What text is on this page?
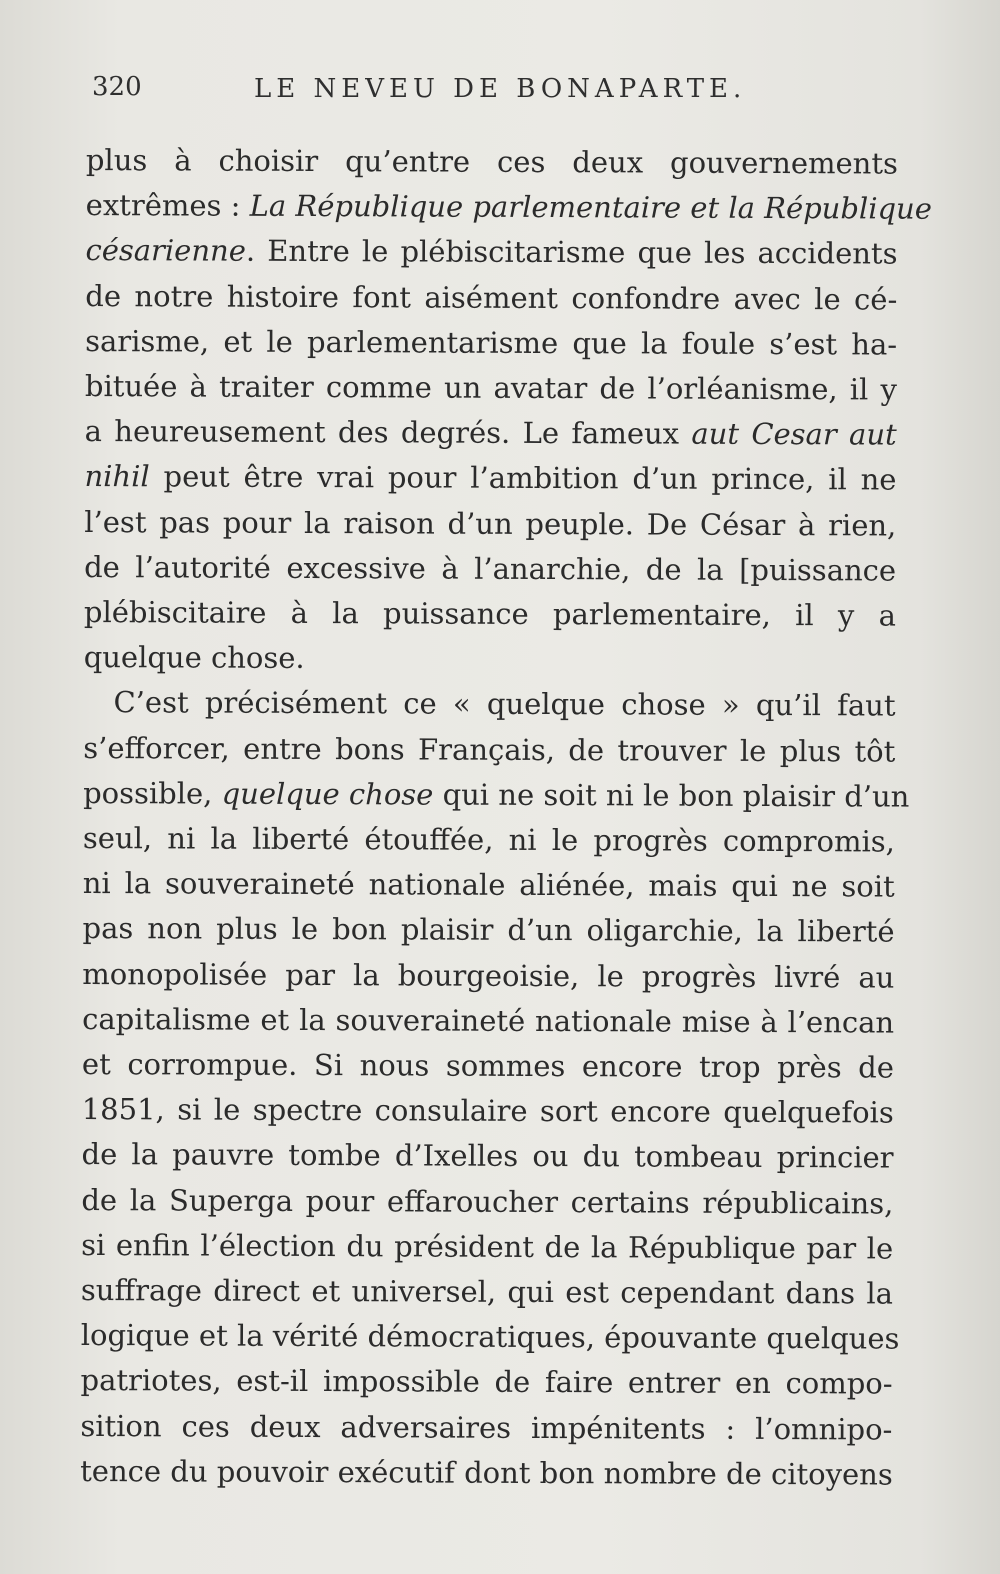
320	LE NEVEU DE BONAPARTE.

plus à choisir qu’entre ces deux gouvernements
extrêmes : La République parlementaire et la République
césarienne. Entre le plébiscitarisme que les accidents
de notre histoire font aisément confondre avec le cé-
sarisme, et le parlementarisme que la foule s’est ha-
bituée à traiter comme un avatar de l’orléanisme, il y
a heureusement des degrés. Le fameux aut Cesar aut
nihil peut être vrai pour l’ambition d’un prince, il ne
l’est pas pour la raison d’un peuple. De César à rien,
de l’autorité excessive à l’anarchie, de la [puissance
plébiscitaire à la puissance parlementaire, il y a
quelque chose.

C’est précisément ce « quelque chose » qu’il faut
s’efforcer, entre bons Français, de trouver le plus tôt
possible, quelque chose qui ne soit ni le bon plaisir d’un
seul, ni la liberté étouffée, ni le progrès compromis,
ni la souveraineté nationale aliénée, mais qui ne soit
pas non plus le bon plaisir d’un oligarchie, la liberté
monopolisée par la bourgeoisie, le progrès livré au
capitalisme et la souveraineté nationale mise à l’encan
et corrompue. Si nous sommes encore trop près de
1851, si le spectre consulaire sort encore quelquefois
de la pauvre tombe d’Ixelles ou du tombeau princier
de la Superga pour effaroucher certains républicains,
si enfin l’élection du président de la République par le
suffrage direct et universel, qui est cependant dans la
logique et la vérité démocratiques, épouvante quelques
patriotes, est-il impossible de faire entrer en compo-
sition ces deux adversaires impénitents : l’omnipo-
tence du pouvoir exécutif dont bon nombre de citoyens
